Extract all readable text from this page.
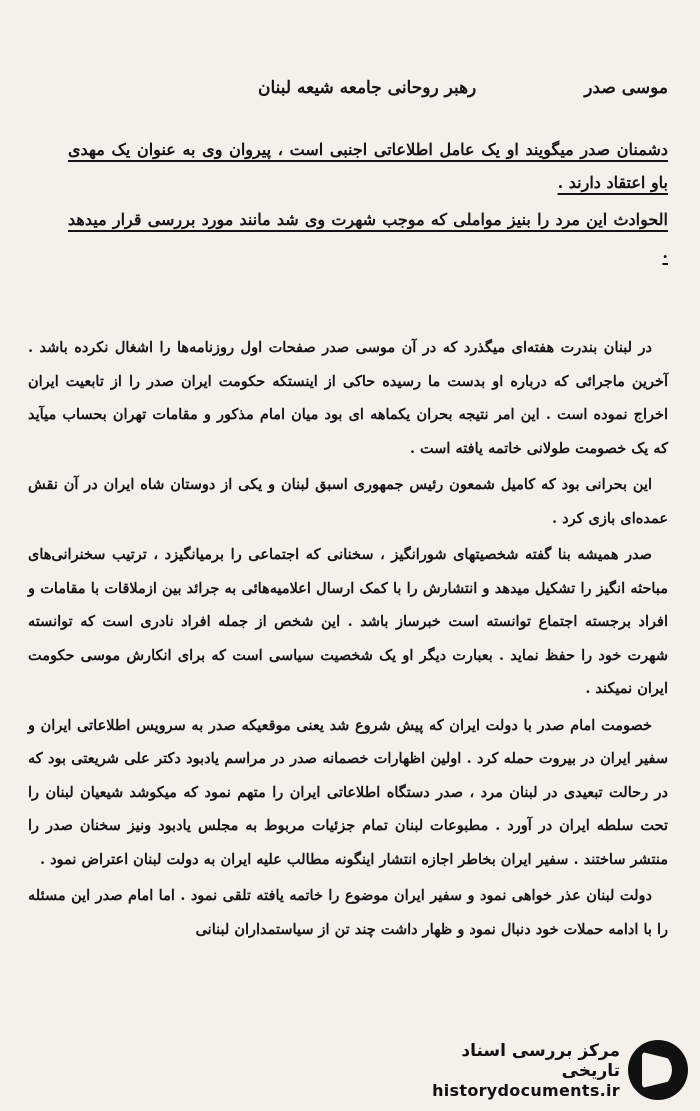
موسی صدر
رهبر روحانی جامعه شیعه لبنان

دشمنان صدر میگویند او یک عامل اطلاعاتی اجنبی است ، پیروان وی به عنوان یک مهدی باو اعتقاد دارند .

الحوادث این مرد را بنیز مواملی که موجب شهرت وی شد مانند مورد بررسی قرار میدهد .

در لبنان بندرت هفته‌ای میگذرد که در آن موسی صدر صفحات اول روزنامه‌ها را اشغال نکرده باشد . آخرین ماجرائی که درباره او بدست ما رسیده حاکی از اینستکه حکومت ایران صدر را از تابعیت ایران اخراج نموده است . این امر نتیجه بحران یکماهه ای بود میان امام مذکور و مقامات تهران بحساب میآید که یک خصومت طولانی خاتمه یافته است .

این بحرانی بود که کامیل شمعون رئیس جمهوری اسبق لبنان و یکی از دوستان شاه ایران در آن نقش عمده‌ای بازی کرد .

صدر همیشه بنا گفته شخصیتهای شورانگیز ، سخنانی که اجتماعی را برمیانگیزد ، ترتیب سخنرانی‌های مباحثه انگیز را تشکیل میدهد و انتشارش را با کمک ارسال اعلامیه‌هائی به جرائد بین ازملاقات با مقامات و افراد برجسته اجتماع توانسته است خبرساز باشد . این شخص از جمله افراد نادری است که توانسته شهرت خود را حفظ نماید . بعبارت دیگر او یک شخصیت سیاسی است که برای انکارش موسی حکومت ایران نمیکند .

خصومت امام صدر با دولت ایران که پیش شروع شد یعنی موقعیکه صدر به سرویس اطلاعاتی ایران و سفیر ایران در بیروت حمله کرد . اولین اظهارات خصمانه صدر در مراسم یادبود دکتر علی شریعتی بود که در رحالت تبعیدی در لبنان مرد ، صدر دستگاه اطلاعاتی ایران را متهم نمود که میکوشد شیعیان لبنان را تحت سلطه ایران در آورد . مطبوعات لبنان تمام جزئیات مربوط به مجلس یادبود ونیز سخنان صدر را منتشر ساختند . سفیر ایران بخاطر اجازه انتشار اینگونه مطالب علیه ایران به دولت لبنان اعتراض نمود .

دولت لبنان عذر خواهی نمود و سفیر ایران موضوع را خاتمه یافته تلقی نمود . اما امام صدر این مسئله را با ادامه حملات خود دنبال نمود و ظهار داشت چند تن از سیاستمداران لبنانی

مرکز بررسی اسناد تاریخی
historydocuments.ir
